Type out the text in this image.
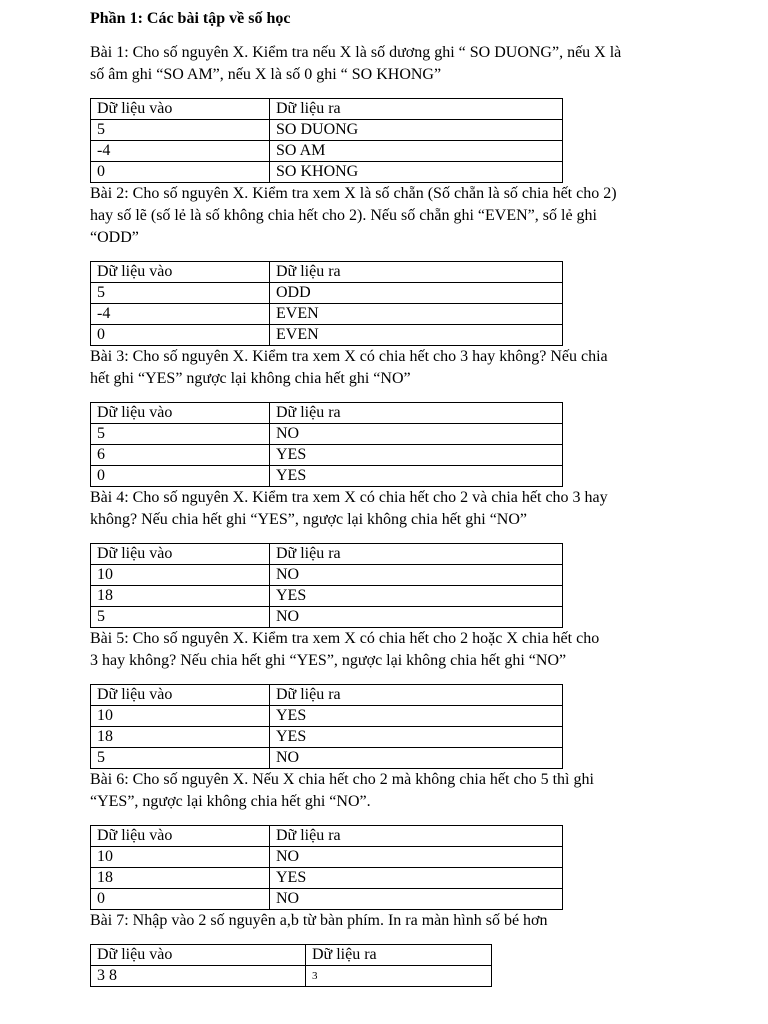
Phần 1: Các bài tập về số học

Bài 1: Cho số nguyên X. Kiểm tra nếu X là số dương ghi “ SO DUONG”, nếu X là

số âm ghi “SO AM”, nếu X là số 0 ghi “ SO KHONG”

Dữ liệu vào	Dữ liệu ra
5	SO DUONG
-4	SO AM
0	SO KHONG

Bài 2: Cho số nguyên X. Kiểm tra xem X là số chẵn (Số chẵn là số chia hết cho 2)

hay số lẽ (số lẻ là số không chia hết cho 2). Nếu số chẵn ghi “EVEN”, số lẻ ghi

“ODD”

Dữ liệu vào	Dữ liệu ra
5	ODD
-4	EVEN
0	EVEN

Bài 3: Cho số nguyên X. Kiểm tra xem X có chia hết cho 3 hay không? Nếu chia

hết ghi “YES” ngược lại không chia hết ghi “NO”

Dữ liệu vào	Dữ liệu ra
5	NO
6	YES
0	YES

Bài 4: Cho số nguyên X. Kiểm tra xem X có chia hết cho 2 và chia hết cho 3 hay

không? Nếu chia hết ghi “YES”, ngược lại không chia hết ghi “NO”

Dữ liệu vào	Dữ liệu ra
10	NO
18	YES
5	NO

Bài 5: Cho số nguyên X. Kiểm tra xem X có chia hết cho 2 hoặc X chia hết cho

3 hay không? Nếu chia hết ghi “YES”, ngược lại không chia hết ghi “NO”

Dữ liệu vào	Dữ liệu ra
10	YES
18	YES
5	NO

Bài 6: Cho số nguyên X. Nếu X chia hết cho 2 mà không chia hết cho 5 thì ghi

“YES”, ngược lại không chia hết ghi “NO”.

Dữ liệu vào	Dữ liệu ra
10	NO
18	YES
0	NO

Bài 7: Nhập vào 2 số nguyên a,b từ bàn phím. In ra màn hình số bé hơn

Dữ liệu vào	Dữ liệu ra
3 8	3
